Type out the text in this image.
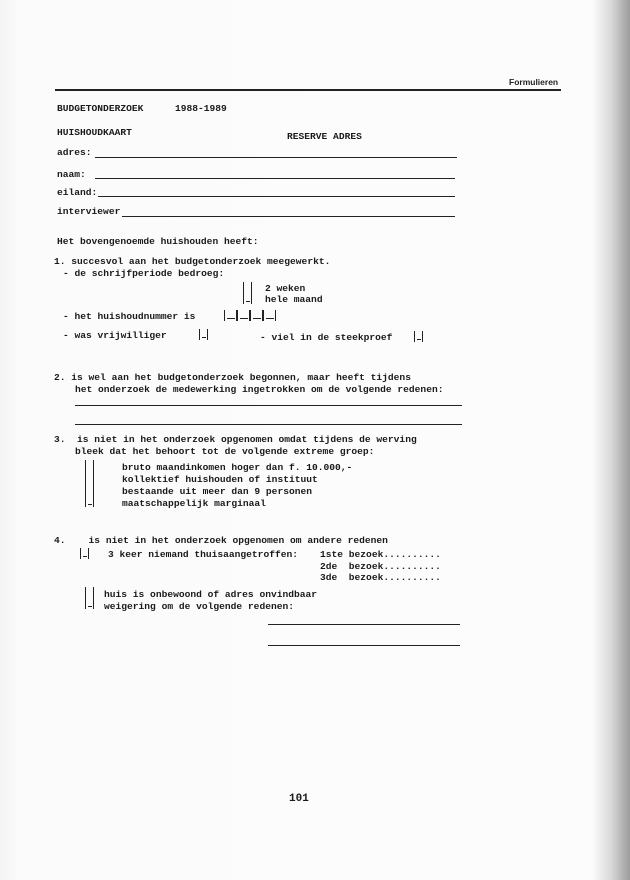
Formulieren
BUDGETONDERZOEK	1988-1989
HUISHOUDKAART	RESERVE ADRES
adres:
naam:
eiland:
interviewer
Het bovengenoemde huishouden heeft:
1. succesvol aan het budgetonderzoek meegewerkt.
- de schrijfperiode bedroeg:
2 weken
hele maand
- het huishoudnummer is
- was vrijwilliger	- viel in de steekproef
2. is wel aan het budgetonderzoek begonnen, maar heeft tijdens
het onderzoek de medewerking ingetrokken om de volgende redenen:
3.  is niet in het onderzoek opgenomen omdat tijdens de werving
bleek dat het behoort tot de volgende extreme groep:
bruto maandinkomen hoger dan f. 10.000,-
kollektief huishouden of instituut
bestaande uit meer dan 9 personen
maatschappelijk marginaal
4.    is niet in het onderzoek opgenomen om andere redenen
3 keer niemand thuisaangetroffen: 1ste bezoek..........
2de  bezoek..........
3de  bezoek..........
huis is onbewoond of adres onvindbaar
weigering om de volgende redenen:
101
